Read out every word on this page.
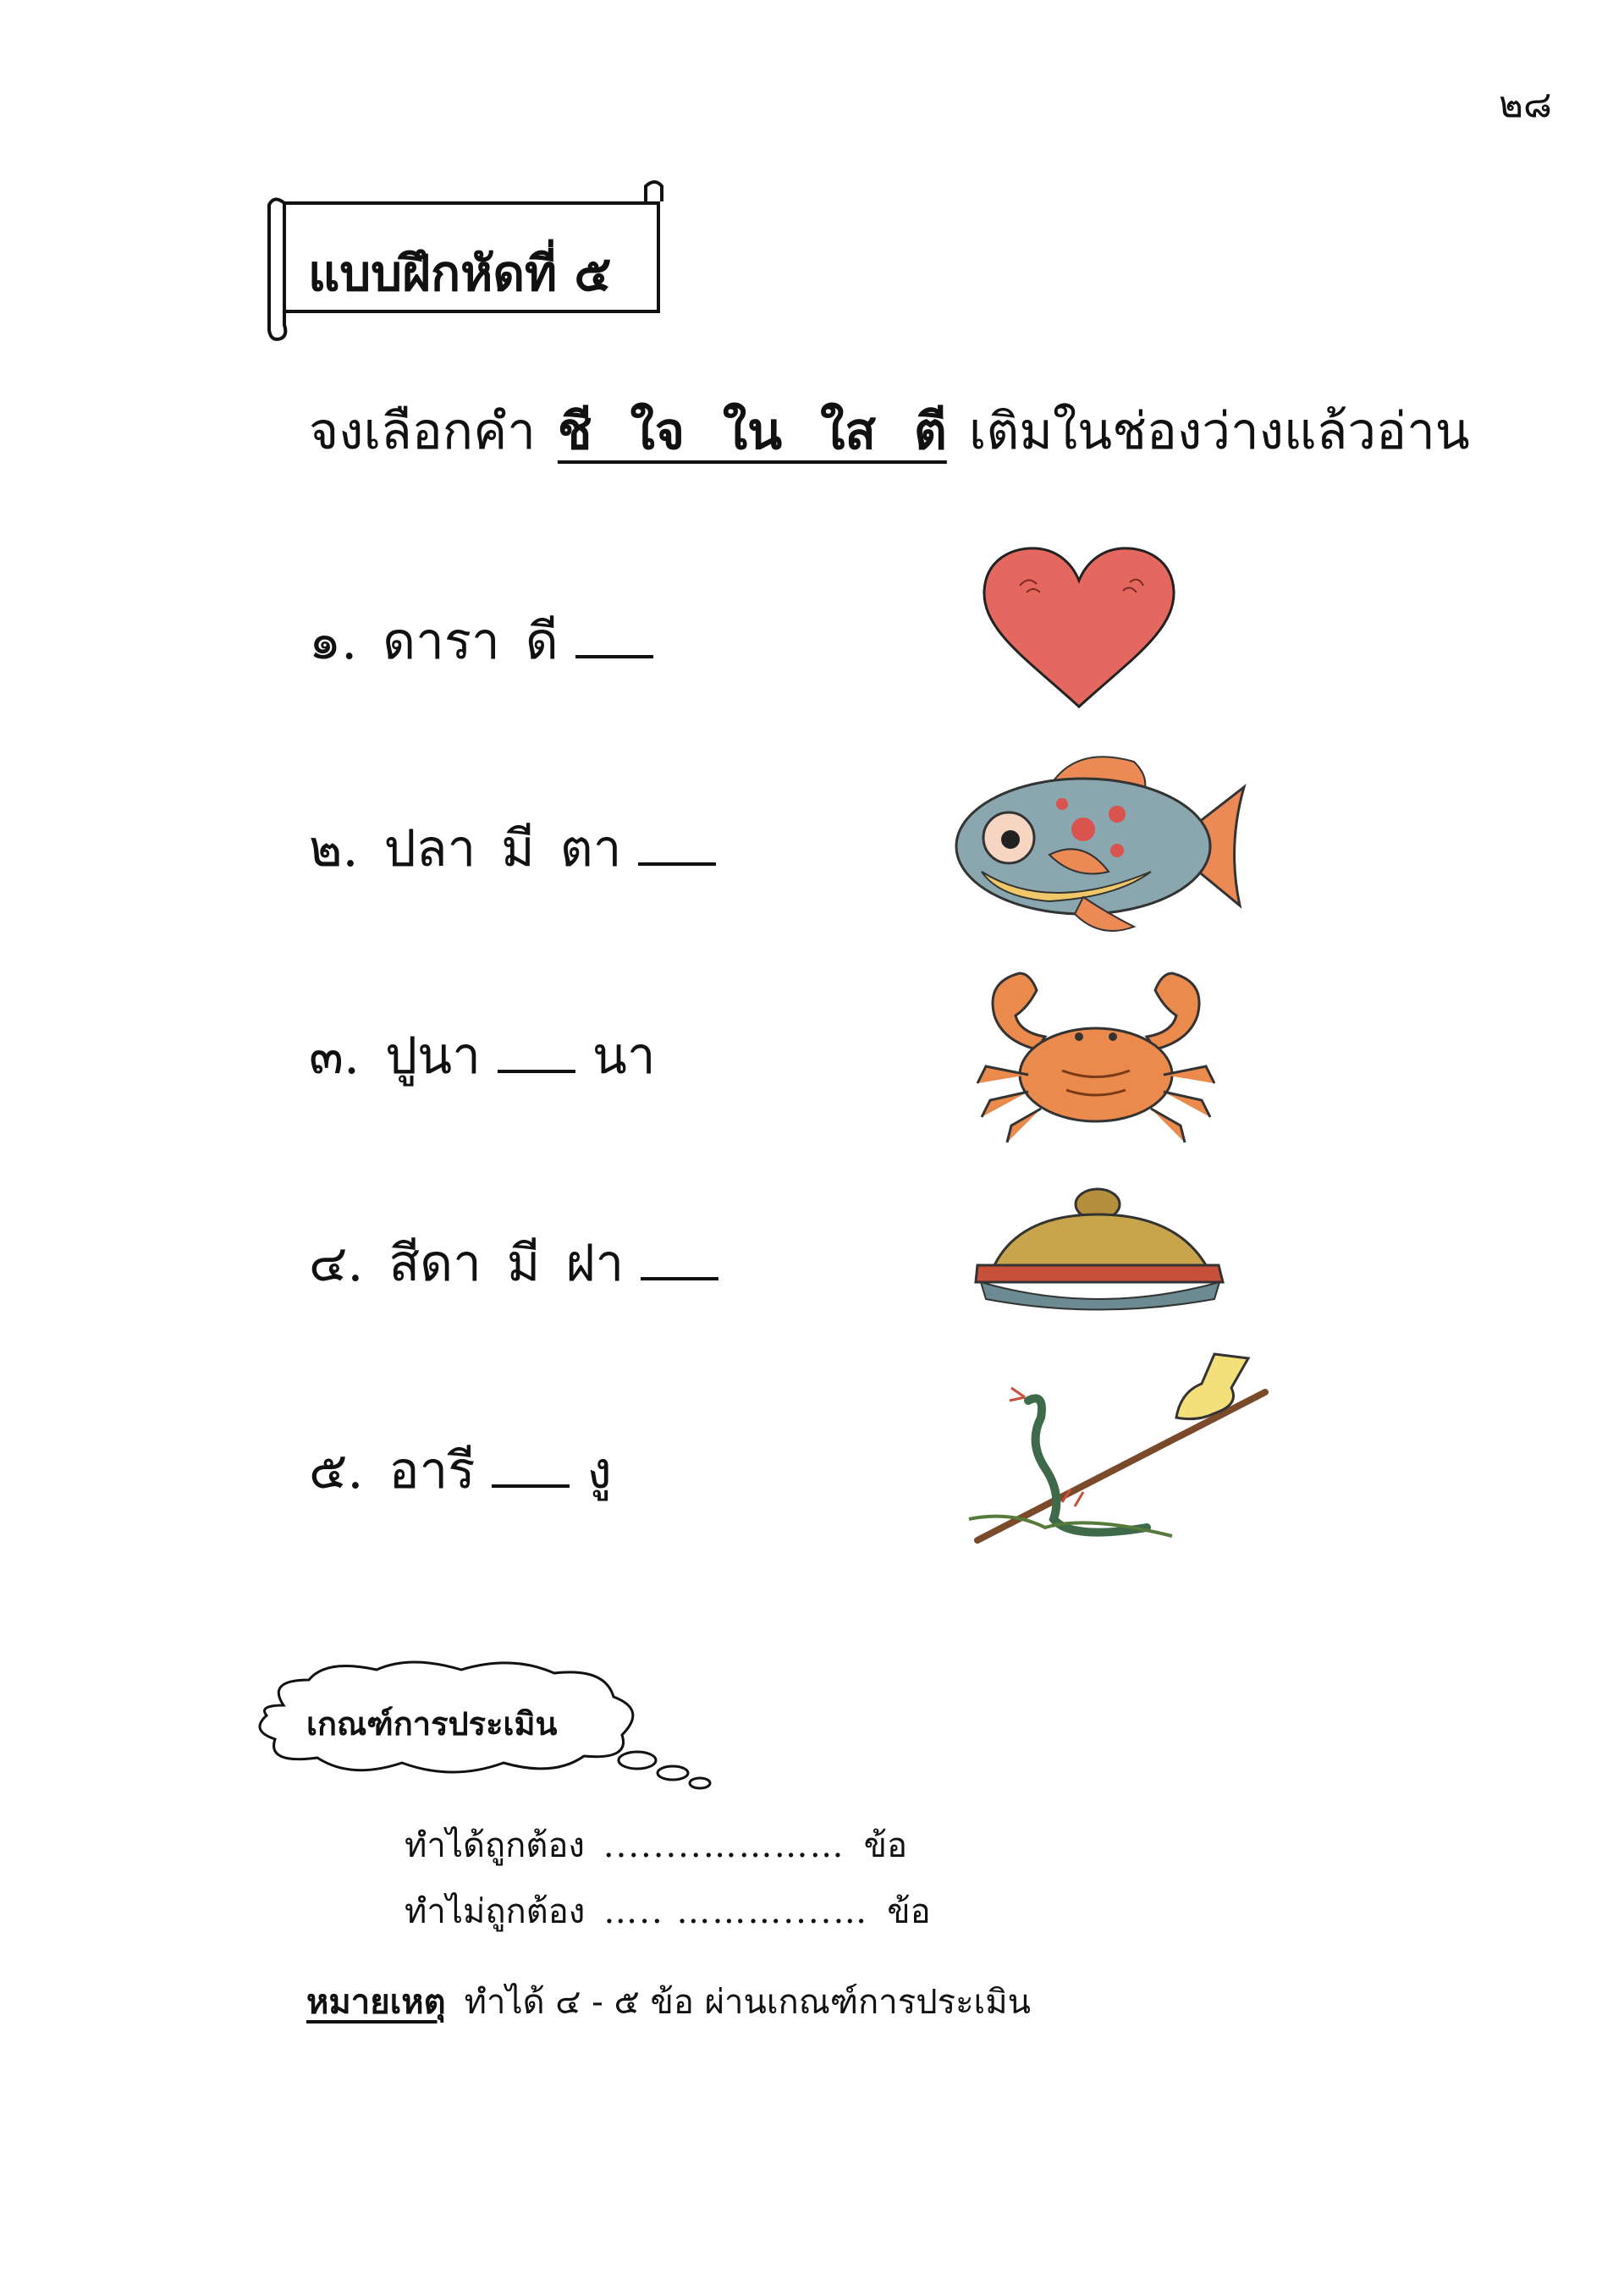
๒๘
แบบฝึกหัดที่ ๕
จงเลือกคำ ชี ใจ ใน ใส ตี เติมในช่องว่างแล้วอ่าน
๑. ดารา ดี
๒. ปลา มี ตา
๓. ปูนา นา
๔. สีดา มี ฝา
๕. อารี งู
เกณฑ์การประเมิน
ทำได้ถูกต้อง ........………… ข้อ
ทำไม่ถูกต้อง ….. ………....… ข้อ
หมายเหตุ ทำได้ ๔ - ๕ ข้อ ผ่านเกณฑ์การประเมิน
